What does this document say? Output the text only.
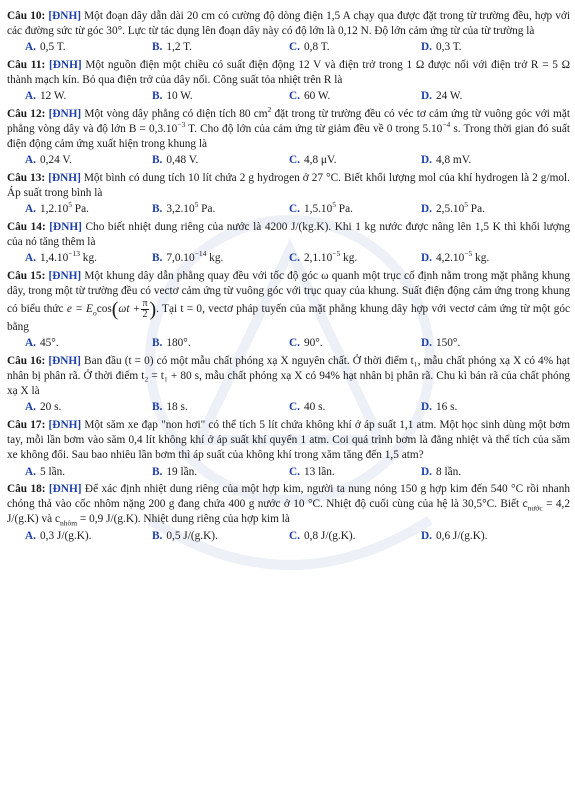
Câu 10: [ĐNH] Một đoạn dây dẫn dài 20 cm có cường độ dòng điện 1,5 A chạy qua được đặt trong từ trường đều, hợp với các đường sức từ góc 30°. Lực từ tác dụng lên đoạn dây này có độ lớn là 0,12 N. Độ lớn cảm ứng từ của từ trường là
A. 0,5 T.	B. 1,2 T.	C. 0,8 T.	D. 0,3 T.
Câu 11: [ĐNH] Một nguồn điện một chiều có suất điện động 12 V và điện trở trong 1 Ω được nối với điện trở R = 5 Ω thành mạch kín. Bỏ qua điện trở của dây nối. Công suất tỏa nhiệt trên R là
A. 12 W.	B. 10 W.	C. 60 W.	D. 24 W.
Câu 12: [ĐNH] Một vòng dây phẳng có diện tích 80 $cm^2$ đặt trong từ trường đều có véc tơ cảm ứng từ vuông góc với mặt phẳng vòng dây và độ lớn $B = 0,3.10^{-3}$ T. Cho độ lớn của cảm ứng từ giảm đều về 0 trong $5.10^{-4}$ s. Trong thời gian đó suất điện động cảm ứng xuất hiện trong khung là
A. 0,24 V.	B. 0,48 V.	C. 4,8 μV.	D. 4,8 mV.
Câu 13: [ĐNH] Một bình có dung tích 10 lít chứa 2 g hydrogen ở 27 °C. Biết khối lượng mol của khí hydrogen là 2 g/mol. Áp suất trong bình là
A. 1,2.10$^5$ Pa.	B. 3,2.10$^5$ Pa.	C. 1,5.10$^5$ Pa.	D. 2,5.10$^5$ Pa.
Câu 14: [ĐNH] Cho biết nhiệt dung riêng của nước là 4200 J/(kg.K). Khi 1 kg nước được nâng lên 1,5 K thì khối lượng của nó tăng thêm là
A. $1,4.10^{-13}$ kg.	B. $7,0.10^{-14}$ kg.	C. $2,1.10^{-5}$ kg.	D. $4,2.10^{-5}$ kg.
Câu 15: [ĐNH] Một khung dây dẫn phẳng quay đều với tốc độ góc ω quanh một trục cố định nằm trong mặt phẳng khung dây, trong một từ trường đều có vectơ cảm ứng từ vuông góc với trục quay của khung. Suất điện động cảm ứng trong khung có biểu thức $e = E_o\cos(\omega t + \frac{\pi}{2}$ ). Tại t = 0, vectơ pháp tuyến của mặt phẳng khung dây hợp với vectơ cảm ứng từ một góc bằng
A. 45°.	B. 180°.	C. 90°.	D. 150°.
Câu 16: [ĐNH] Ban đầu (t = 0) có một mẫu chất phóng xạ X nguyên chất. Ở thời điểm t₁, mẫu chất phóng xạ X có 4% hạt nhân bị phân rã. Ở thời điểm t₂ = t₁ + 80 s, mẫu chất phóng xạ X có 94% hạt nhân bị phân rã. Chu kì bán rã của chất phóng xạ X là
A. 20 s.	B. 18 s.	C. 40 s.	D. 16 s.
Câu 17: [ĐNH] Một săm xe đạp "non hơi" có thể tích 5 lít chứa không khí ở áp suất 1,1 atm. Một học sinh dùng một bơm tay, mỗi lần bơm vào săm 0,4 lít không khí ở áp suất khí quyển 1 atm. Coi quá trình bơm là đẳng nhiệt và thể tích của săm xe không đổi. Sau bao nhiêu lần bơm thì áp suất của không khí trong xăm tăng đến 1,5 atm?
A. 5 lần.	B. 19 lần.	C. 13 lần.	D. 8 lần.
Câu 18: [ĐNH] Để xác định nhiệt dung riêng của một hợp kim, người ta nung nóng 150 g hợp kim đến 540 °C rồi nhanh chóng thả vào cốc nhôm nặng 200 g đang chứa 400 g nước ở 10 °C. Nhiệt độ cuối cùng của hệ là 30,5°C. Biết $c_{nước} = 4,2$ J/(g.K) và $c_{nhôm} = 0,9$ J/(g.K). Nhiệt dung riêng của hợp kim là
A. 0,3 J/(g.K).	B. 0,5 J/(g.K).	C. 0,8 J/(g.K).	D. 0,6 J/(g.K).
